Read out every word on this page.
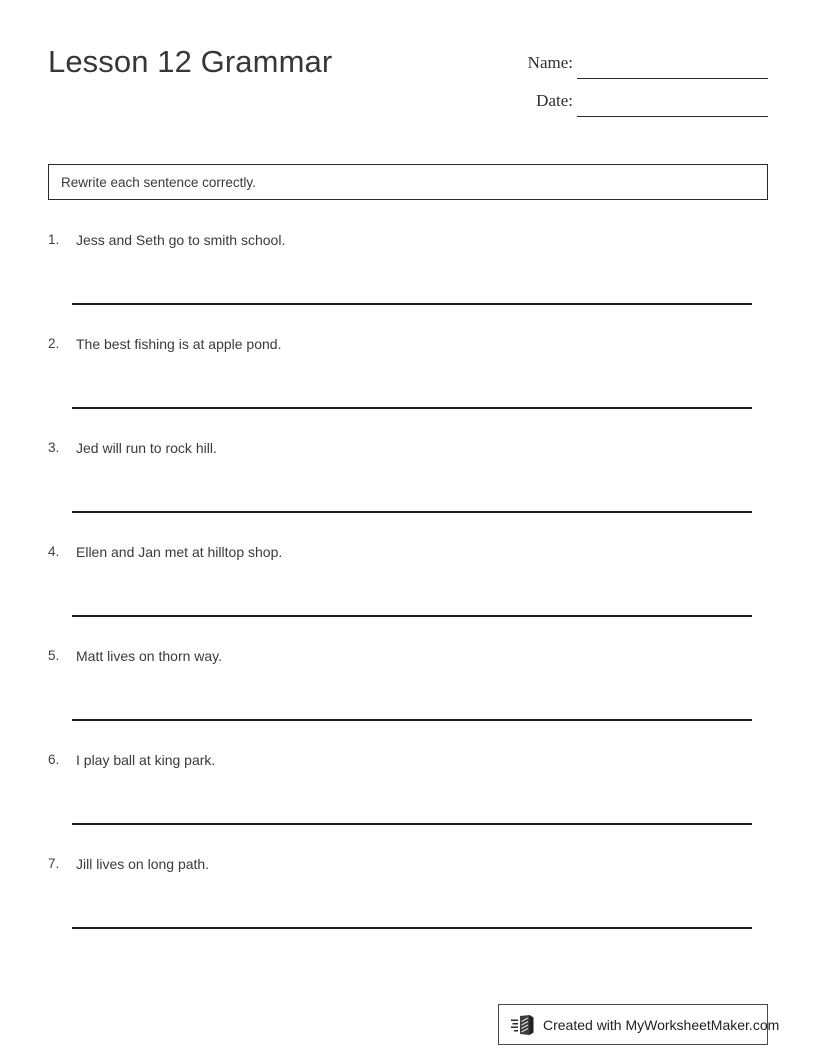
Lesson 12 Grammar	Name:
Date:
Rewrite each sentence correctly.
1.	Jess and Seth go to smith school.
2.	The best fishing is at apple pond.
3.	Jed will run to rock hill.
4.	Ellen and Jan met at hilltop shop.
5.	Matt lives on thorn way.
6.	I play ball at king park.
7.	Jill lives on long path.
Created with MyWorksheetMaker.com
